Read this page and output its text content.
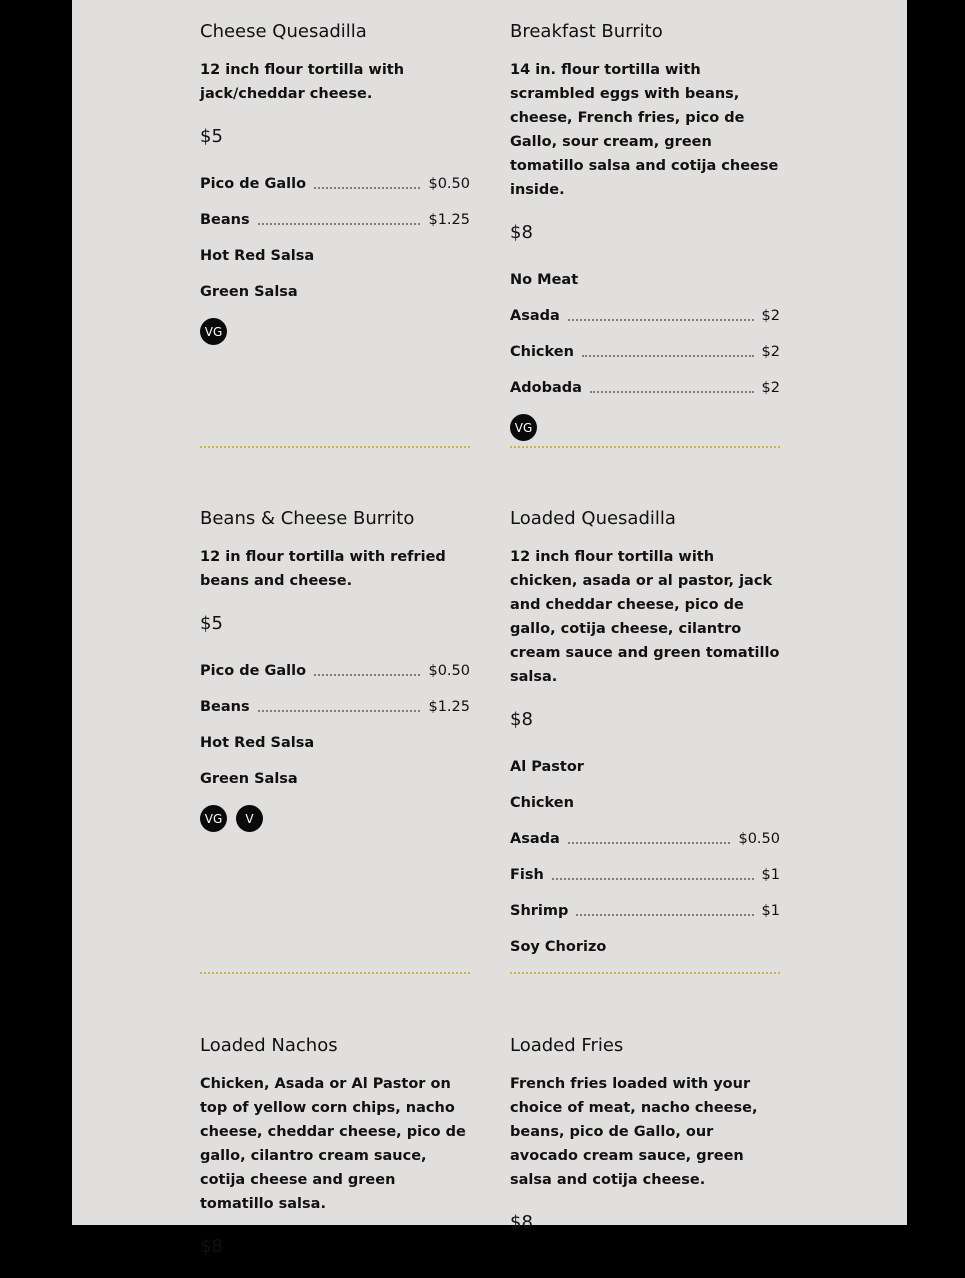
Cheese Quesadilla
12 inch flour tortilla with jack/cheddar cheese.
$5
Pico de Gallo	$0.50
Beans	$1.25
Hot Red Salsa
Green Salsa
VG
Breakfast Burrito
14 in. flour tortilla with scrambled eggs with beans, cheese, French fries, pico de Gallo, sour cream, green tomatillo salsa and cotija cheese inside.
$8
No Meat
Asada	$2
Chicken	$2
Adobada	$2
VG
Beans & Cheese Burrito
12 in flour tortilla with refried beans and cheese.
$5
Pico de Gallo	$0.50
Beans	$1.25
Hot Red Salsa
Green Salsa
VG	V
Loaded Quesadilla
12 inch flour tortilla with chicken, asada or al pastor, jack and cheddar cheese, pico de gallo, cotija cheese, cilantro cream sauce and green tomatillo salsa.
$8
Al Pastor
Chicken
Asada	$0.50
Fish	$1
Shrimp	$1
Soy Chorizo
Loaded Nachos
Chicken, Asada or Al Pastor on top of yellow corn chips, nacho cheese, cheddar cheese, pico de gallo, cilantro cream sauce, cotija cheese and green tomatillo salsa.
$8
Loaded Fries
French fries loaded with your choice of meat, nacho cheese, beans, pico de Gallo, our avocado cream sauce, green salsa and cotija cheese.
$8
